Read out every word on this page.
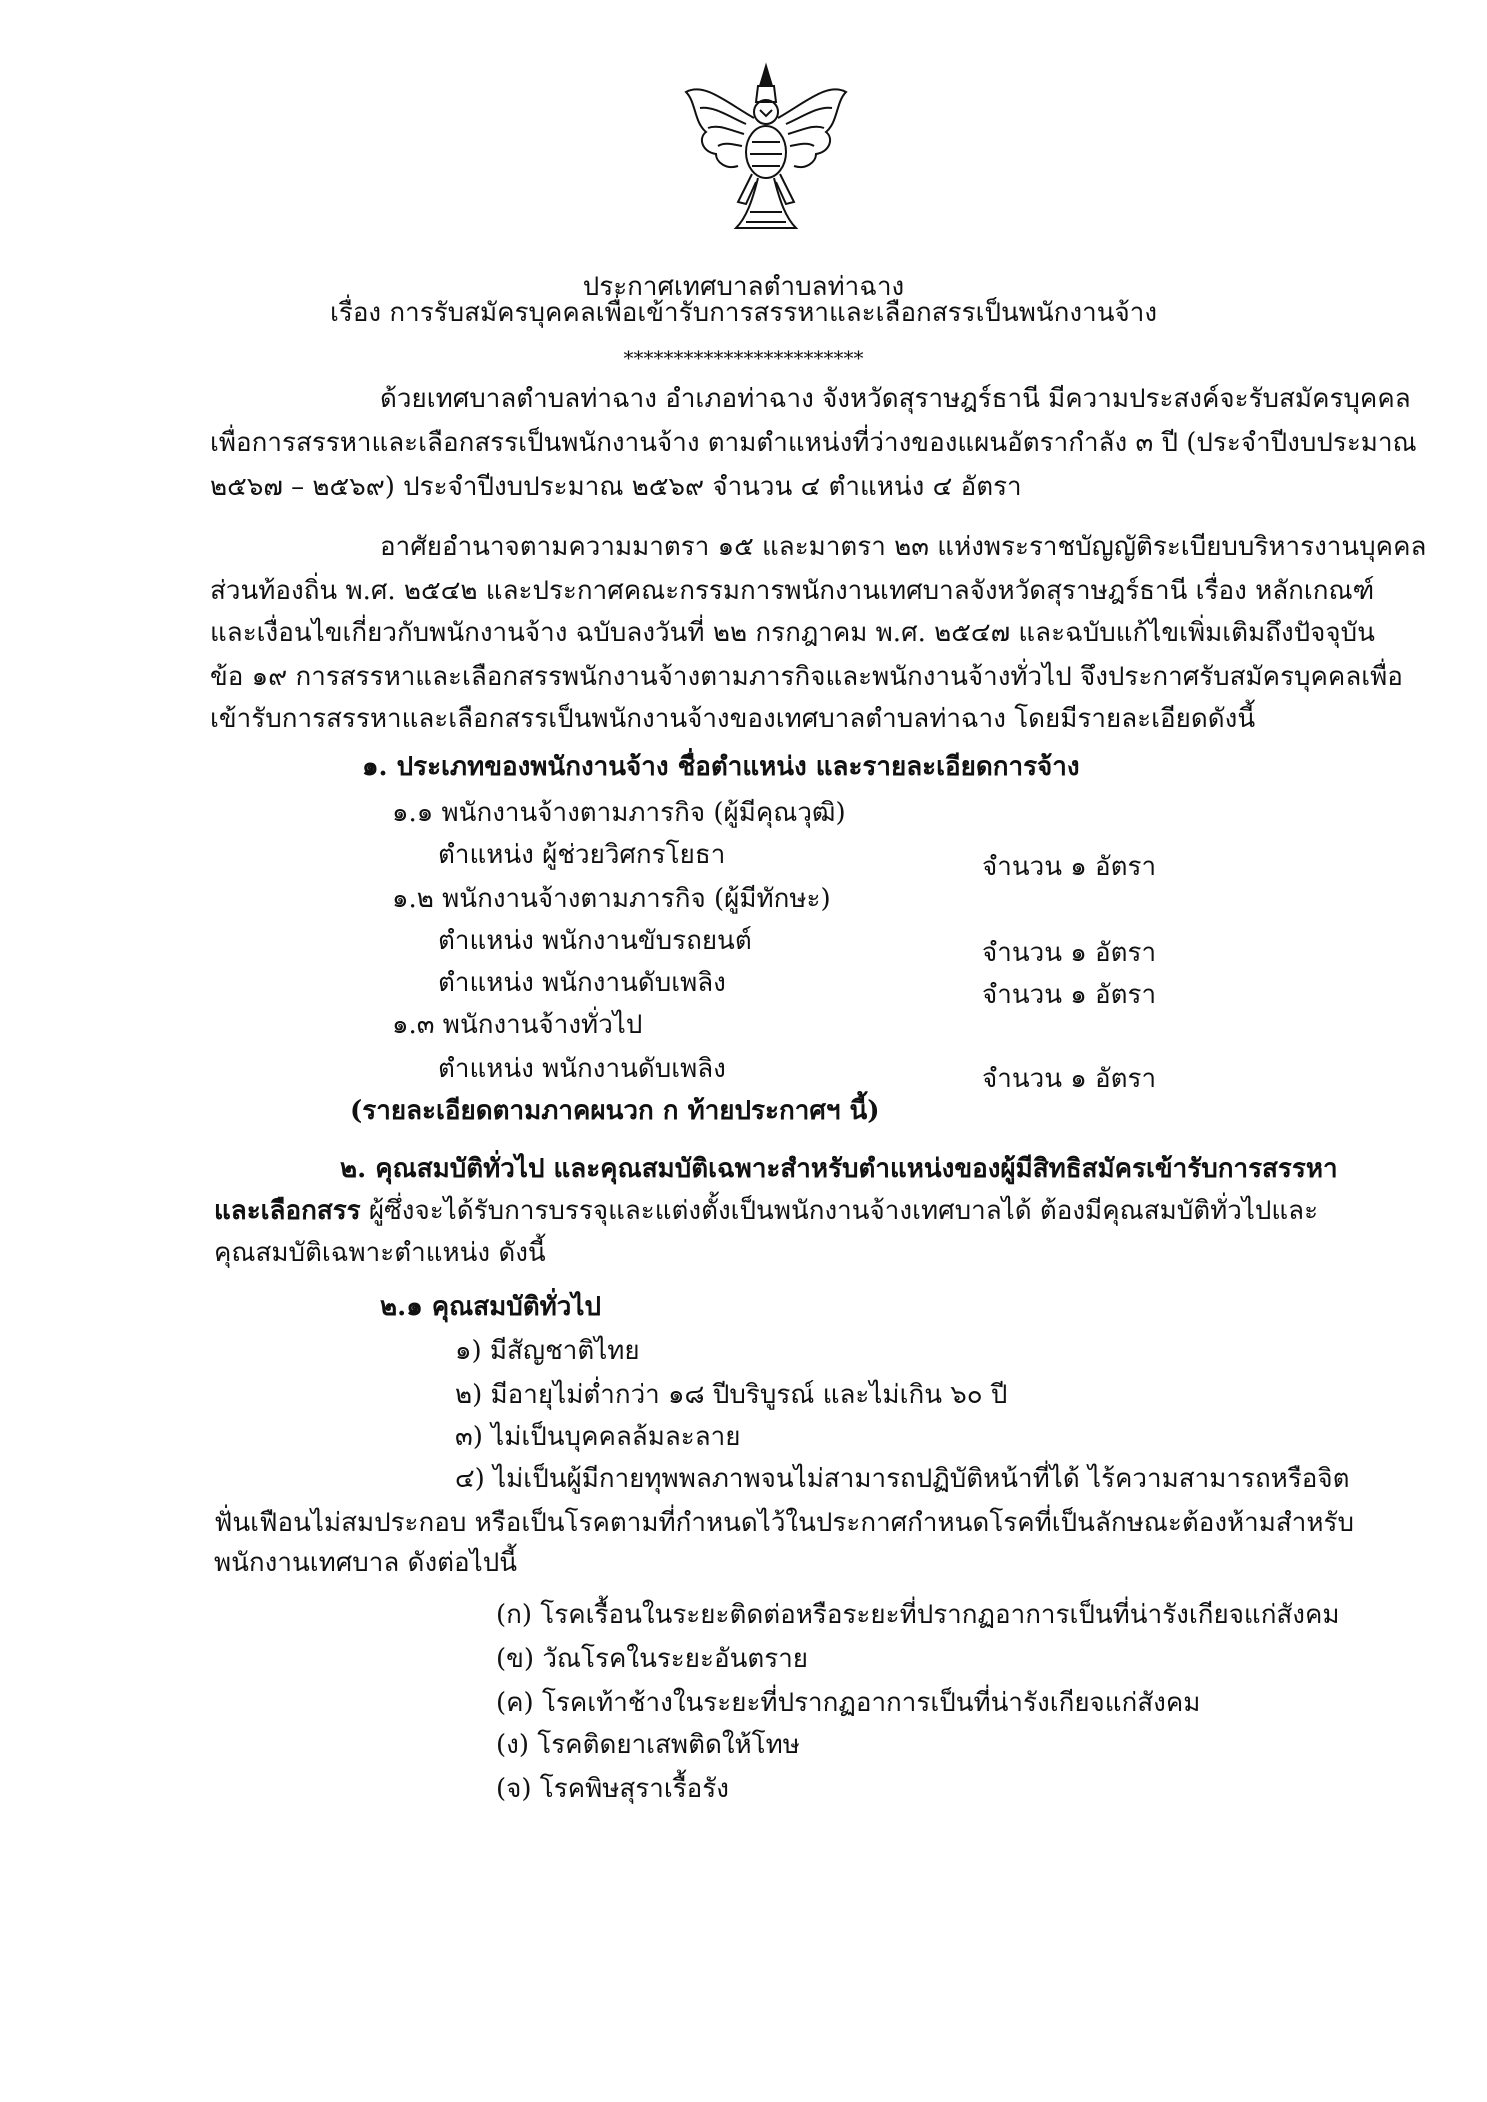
ประกาศเทศบาลตำบลท่าฉาง
เรื่อง การรับสมัครบุคคลเพื่อเข้ารับการสรรหาและเลือกสรรเป็นพนักงานจ้าง
************************
ด้วยเทศบาลตำบลท่าฉาง อำเภอท่าฉาง จังหวัดสุราษฎร์ธานี มีความประสงค์จะรับสมัครบุคคล
เพื่อการสรรหาและเลือกสรรเป็นพนักงานจ้าง ตามตำแหน่งที่ว่างของแผนอัตรากำลัง ๓ ปี (ประจำปีงบประมาณ
๒๕๖๗ – ๒๕๖๙) ประจำปีงบประมาณ ๒๕๖๙ จำนวน ๔ ตำแหน่ง ๔ อัตรา
อาศัยอำนาจตามความมาตรา ๑๕ และมาตรา ๒๓ แห่งพระราชบัญญัติระเบียบบริหารงานบุคคล
ส่วนท้องถิ่น พ.ศ. ๒๕๔๒ และประกาศคณะกรรมการพนักงานเทศบาลจังหวัดสุราษฎร์ธานี เรื่อง หลักเกณฑ์
และเงื่อนไขเกี่ยวกับพนักงานจ้าง ฉบับลงวันที่ ๒๒ กรกฎาคม พ.ศ. ๒๕๔๗ และฉบับแก้ไขเพิ่มเติมถึงปัจจุบัน
ข้อ ๑๙ การสรรหาและเลือกสรรพนักงานจ้างตามภารกิจและพนักงานจ้างทั่วไป จึงประกาศรับสมัครบุคคลเพื่อ
เข้ารับการสรรหาและเลือกสรรเป็นพนักงานจ้างของเทศบาลตำบลท่าฉาง โดยมีรายละเอียดดังนี้
๑. ประเภทของพนักงานจ้าง ชื่อตำแหน่ง และรายละเอียดการจ้าง
๑.๑ พนักงานจ้างตามภารกิจ (ผู้มีคุณวุฒิ)
ตำแหน่ง ผู้ช่วยวิศกรโยธา	จำนวน ๑ อัตรา
๑.๒ พนักงานจ้างตามภารกิจ (ผู้มีทักษะ)
ตำแหน่ง พนักงานขับรถยนต์	จำนวน ๑ อัตรา
ตำแหน่ง พนักงานดับเพลิง	จำนวน ๑ อัตรา
๑.๓ พนักงานจ้างทั่วไป
ตำแหน่ง พนักงานดับเพลิง	จำนวน ๑ อัตรา
(รายละเอียดตามภาคผนวก ก ท้ายประกาศฯ นี้)
๒. คุณสมบัติทั่วไป และคุณสมบัติเฉพาะสำหรับตำแหน่งของผู้มีสิทธิสมัครเข้ารับการสรรหา
และเลือกสรร ผู้ซึ่งจะได้รับการบรรจุและแต่งตั้งเป็นพนักงานจ้างเทศบาลได้ ต้องมีคุณสมบัติทั่วไปและ
คุณสมบัติเฉพาะตำแหน่ง ดังนี้
๒.๑ คุณสมบัติทั่วไป
๑) มีสัญชาติไทย
๒) มีอายุไม่ต่ำกว่า ๑๘ ปีบริบูรณ์ และไม่เกิน ๖๐ ปี
๓) ไม่เป็นบุคคลล้มละลาย
๔) ไม่เป็นผู้มีกายทุพพลภาพจนไม่สามารถปฏิบัติหน้าที่ได้ ไร้ความสามารถหรือจิต
ฟั่นเฟือนไม่สมประกอบ หรือเป็นโรคตามที่กำหนดไว้ในประกาศกำหนดโรคที่เป็นลักษณะต้องห้ามสำหรับ
พนักงานเทศบาล ดังต่อไปนี้
(ก) โรคเรื้อนในระยะติดต่อหรือระยะที่ปรากฏอาการเป็นที่น่ารังเกียจแก่สังคม
(ข) วัณโรคในระยะอันตราย
(ค) โรคเท้าช้างในระยะที่ปรากฏอาการเป็นที่น่ารังเกียจแก่สังคม
(ง) โรคติดยาเสพติดให้โทษ
(จ) โรคพิษสุราเรื้อรัง
